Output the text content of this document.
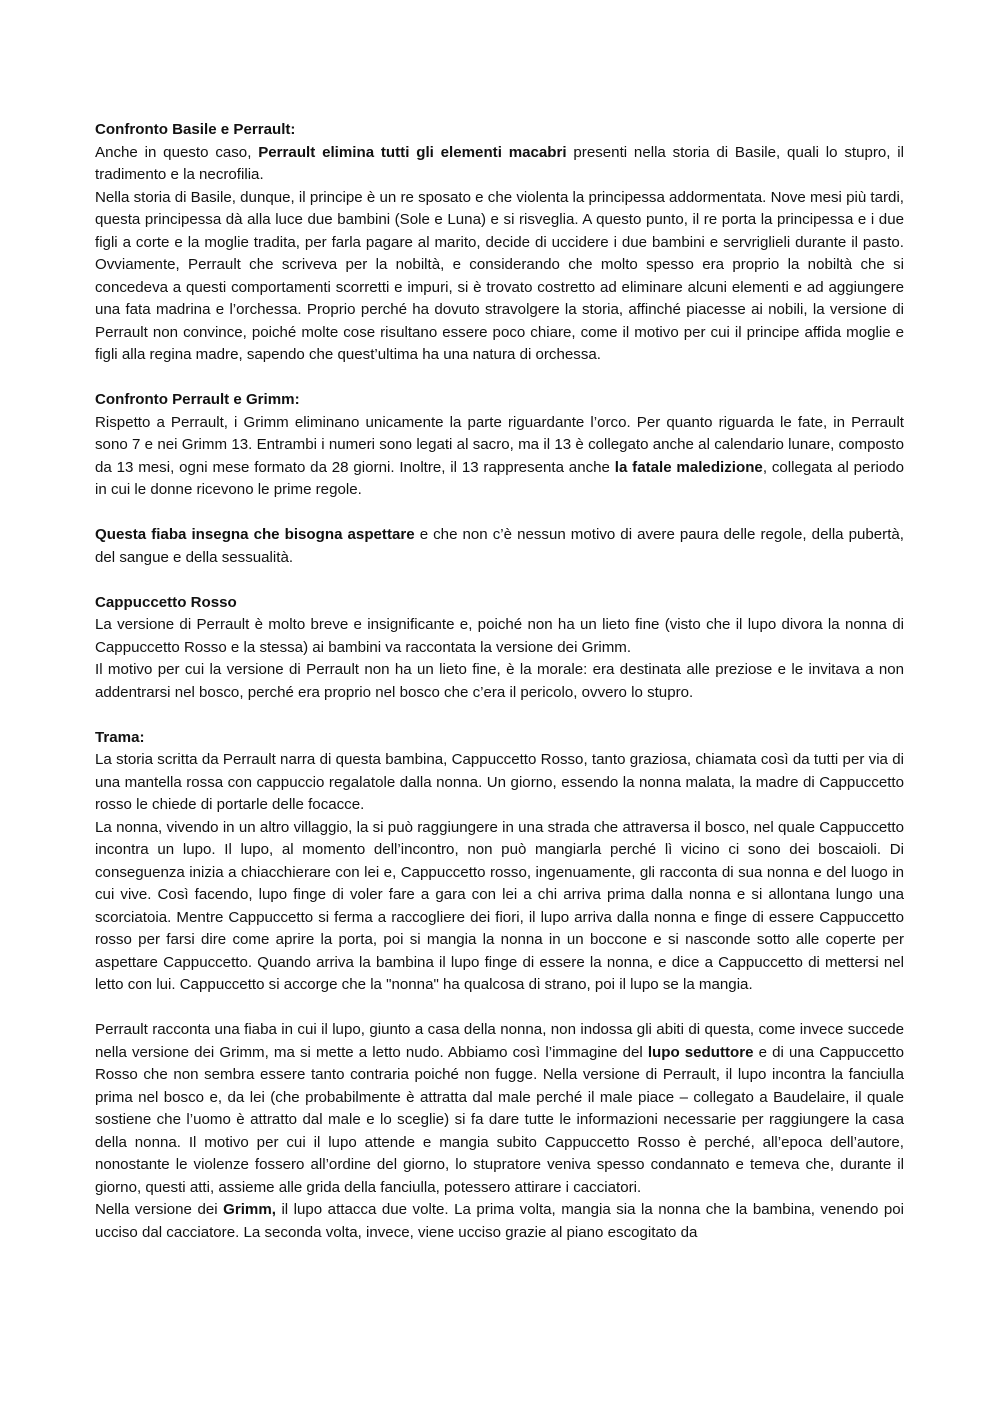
Confronto Basile e Perrault:

Anche in questo caso, Perrault elimina tutti gli elementi macabri presenti nella storia di Basile, quali lo stupro, il tradimento e la necrofilia.

Nella storia di Basile, dunque, il principe è un re sposato e che violenta la principessa addormentata. Nove mesi più tardi, questa principessa dà alla luce due bambini (Sole e Luna) e si risveglia. A questo punto, il re porta la principessa e i due figli a corte e la moglie tradita, per farla pagare al marito, decide di uccidere i due bambini e servriglieli durante il pasto. Ovviamente, Perrault che scriveva per la nobiltà, e considerando che molto spesso era proprio la nobiltà che si concedeva a questi comportamenti scorretti e impuri, si è trovato costretto ad eliminare alcuni elementi e ad aggiungere una fata madrina e l’orchessa. Proprio perché ha dovuto stravolgere la storia, affinché piacesse ai nobili, la versione di Perrault non convince, poiché molte cose risultano essere poco chiare, come il motivo per cui il principe affida moglie e figli alla regina madre, sapendo che quest’ultima ha una natura di orchessa.

Confronto Perrault e Grimm:

Rispetto a Perrault, i Grimm eliminano unicamente la parte riguardante l’orco. Per quanto riguarda le fate, in Perrault sono 7 e nei Grimm 13. Entrambi i numeri sono legati al sacro, ma il 13 è collegato anche al calendario lunare, composto da 13 mesi, ogni mese formato da 28 giorni. Inoltre, il 13 rappresenta anche la fatale maledizione, collegata al periodo in cui le donne ricevono le prime regole.

Questa fiaba insegna che bisogna aspettare e che non c’è nessun motivo di avere paura delle regole, della pubertà, del sangue e della sessualità.

Cappuccetto Rosso

La versione di Perrault è molto breve e insignificante e, poiché non ha un lieto fine (visto che il lupo divora la nonna di Cappuccetto Rosso e la stessa) ai bambini va raccontata la versione dei Grimm.

Il motivo per cui la versione di Perrault non ha un lieto fine, è la morale: era destinata alle preziose e le invitava a non addentrarsi nel bosco, perché era proprio nel bosco che c’era il pericolo, ovvero lo stupro.

Trama:

La storia scritta da Perrault narra di questa bambina, Cappuccetto Rosso, tanto graziosa, chiamata così da tutti per via di una mantella rossa con cappuccio regalatole dalla nonna. Un giorno, essendo la nonna malata, la madre di Cappuccetto rosso le chiede di portarle delle focacce.

La nonna, vivendo in un altro villaggio, la si può raggiungere in una strada che attraversa il bosco, nel quale Cappuccetto incontra un lupo. Il lupo, al momento dell’incontro, non può mangiarla perché lì vicino ci sono dei boscaioli. Di conseguenza inizia a chiacchierare con lei e, Cappuccetto rosso, ingenuamente, gli racconta di sua nonna e del luogo in cui vive. Così facendo, lupo finge di voler fare a gara con lei a chi arriva prima dalla nonna e si allontana lungo una scorciatoia. Mentre Cappuccetto si ferma a raccogliere dei fiori, il lupo arriva dalla nonna e finge di essere Cappuccetto rosso per farsi dire come aprire la porta, poi si mangia la nonna in un boccone e si nasconde sotto alle coperte per aspettare Cappuccetto. Quando arriva la bambina il lupo finge di essere la nonna, e dice a Cappuccetto di mettersi nel letto con lui. Cappuccetto si accorge che la "nonna" ha qualcosa di strano, poi il lupo se la mangia.

Perrault racconta una fiaba in cui il lupo, giunto a casa della nonna, non indossa gli abiti di questa, come invece succede nella versione dei Grimm, ma si mette a letto nudo. Abbiamo così l’immagine del lupo seduttore e di una Cappuccetto Rosso che non sembra essere tanto contraria poiché non fugge. Nella versione di Perrault, il lupo incontra la fanciulla prima nel bosco e, da lei (che probabilmente è attratta dal male perché il male piace – collegato a Baudelaire, il quale sostiene che l’uomo è attratto dal male e lo sceglie) si fa dare tutte le informazioni necessarie per raggiungere la casa della nonna. Il motivo per cui il lupo attende e mangia subito Cappuccetto Rosso è perché, all’epoca dell’autore, nonostante le violenze fossero all’ordine del giorno, lo stupratore veniva spesso condannato e temeva che, durante il giorno, questi atti, assieme alle grida della fanciulla, potessero attirare i cacciatori.

Nella versione dei Grimm, il lupo attacca due volte. La prima volta, mangia sia la nonna che la bambina, venendo poi ucciso dal cacciatore. La seconda volta, invece, viene ucciso grazie al piano escogitato da
